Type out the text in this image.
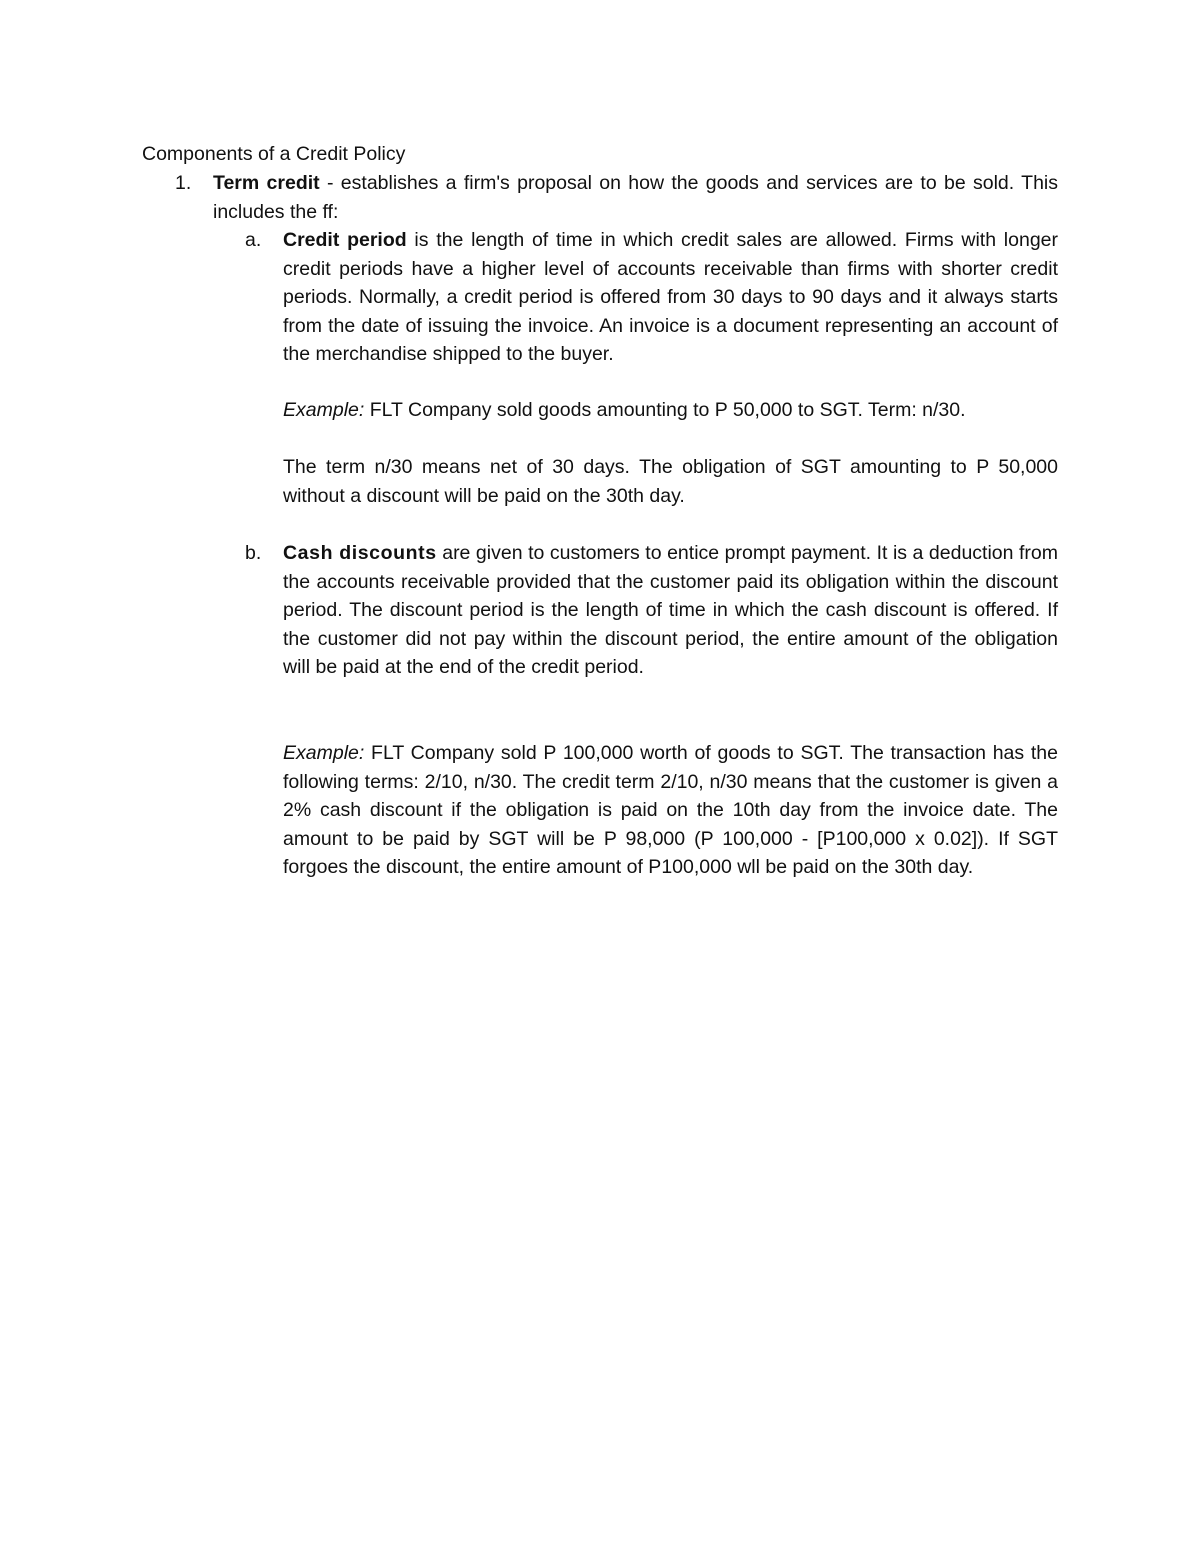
Components of a Credit Policy
1. Term credit - establishes a firm's proposal on how the goods and services are to be sold. This includes the ff:
a. Credit period is the length of time in which credit sales are allowed. Firms with longer credit periods have a higher level of accounts receivable than firms with shorter credit periods. Normally, a credit period is offered from 30 days to 90 days and it always starts from the date of issuing the invoice. An invoice is a document representing an account of the merchandise shipped to the buyer.
Example: FLT Company sold goods amounting to P 50,000 to SGT. Term: n/30.
The term n/30 means net of 30 days. The obligation of SGT amounting to P 50,000 without a discount will be paid on the 30th day.
b. Cash discounts are given to customers to entice prompt payment. It is a deduction from the accounts receivable provided that the customer paid its obligation within the discount period. The discount period is the length of time in which the cash discount is offered. If the customer did not pay within the discount period, the entire amount of the obligation will be paid at the end of the credit period.
Example: FLT Company sold P 100,000 worth of goods to SGT. The transaction has the following terms: 2/10, n/30. The credit term 2/10, n/30 means that the customer is given a 2% cash discount if the obligation is paid on the 10th day from the invoice date. The amount to be paid by SGT will be P 98,000 (P 100,000 - [P100,000 x 0.02]). If SGT forgoes the discount, the entire amount of P100,000 wll be paid on the 30th day.
